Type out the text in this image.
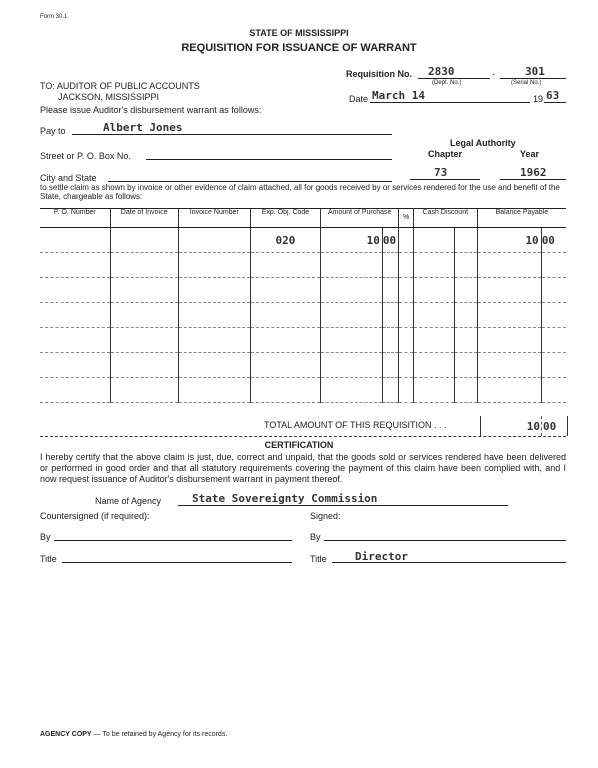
Form 30.1
STATE OF MISSISSIPPI
REQUISITION FOR ISSUANCE OF WARRANT
Requisition No. 2830	-	301
(Dept. No.)	(Serial No.)
TO: AUDITOR OF PUBLIC ACCOUNTS
JACKSON, MISSISSIPPI	Date March 14	19 63
Please issue Auditor's disbursement warrant as follows:
Pay to	Albert Jones
Legal Authority
Chapter	Year
Street or P. O. Box No.
City and State	73	1962
to settle claim as shown by invoice or other evidence of claim attached, all for goods received by or services rendered for the use and benefit of the State, chargeable as follows:
P. O. Number	Date of Invoice	Invoice Number	Exp. Obj. Code	Amount of Purchase		%	Cash Discount		Balance Payable	
			020	10	00				10	00

TOTAL AMOUNT OF THIS REQUISITION . . .	10 00
CERTIFICATION
I hereby certify that the above claim is just, due, correct and unpaid, that the goods sold or services rendered have been delivered or performed in good order and that all statutory requirements covering the payment of this claim have been complied with, and I now request issuance of Auditor's disbursement warrant in payment thereof.
Name of Agency	State Sovereignty Commission
Countersigned (if required):	Signed:
By	By
Title	Title	Director
AGENCY COPY — To be retained by Agency for its records.
